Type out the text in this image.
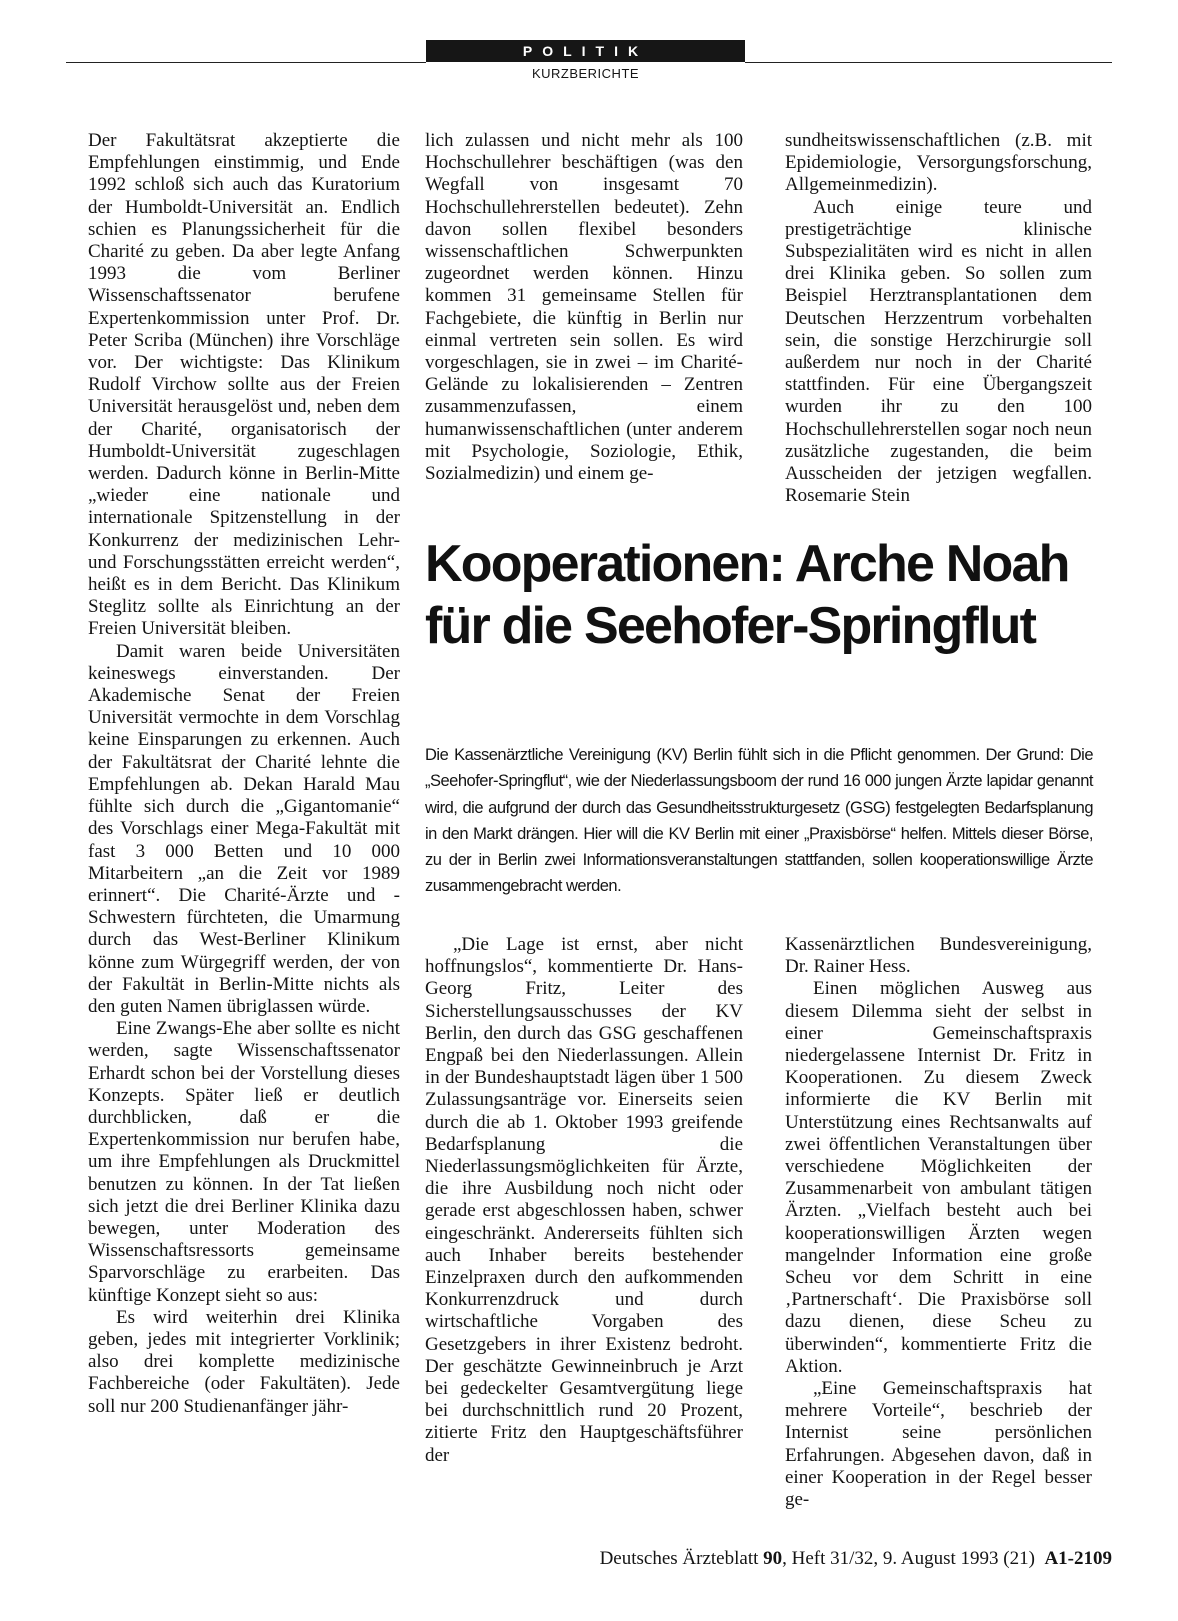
POLITIK
KURZBERICHTE

Der Fakultätsrat akzeptierte die Empfehlungen einstimmig, und Ende 1992 schloß sich auch das Kuratorium der Humboldt-Universität an. Endlich schien es Planungssicherheit für die Charité zu geben. Da aber legte Anfang 1993 die vom Berliner Wissenschaftssenator berufene Expertenkommission unter Prof. Dr. Peter Scriba (München) ihre Vorschläge vor. Der wichtigste: Das Klinikum Rudolf Virchow sollte aus der Freien Universität herausgelöst und, neben dem der Charité, organisatorisch der Humboldt-Universität zugeschlagen werden. Dadurch könne in Berlin-Mitte „wieder eine nationale und internationale Spitzenstellung in der Konkurrenz der medizinischen Lehr- und Forschungsstätten erreicht werden“, heißt es in dem Bericht. Das Klinikum Steglitz sollte als Einrichtung an der Freien Universität bleiben.

Damit waren beide Universitäten keineswegs einverstanden. Der Akademische Senat der Freien Universität vermochte in dem Vorschlag keine Einsparungen zu erkennen. Auch der Fakultätsrat der Charité lehnte die Empfehlungen ab. Dekan Harald Mau fühlte sich durch die „Gigantomanie“ des Vorschlags einer Mega-Fakultät mit fast 3 000 Betten und 10 000 Mitarbeitern „an die Zeit vor 1989 erinnert“. Die Charité-Ärzte und -Schwestern fürchteten, die Umarmung durch das West-Berliner Klinikum könne zum Würgegriff werden, der von der Fakultät in Berlin-Mitte nichts als den guten Namen übriglassen würde.

Eine Zwangs-Ehe aber sollte es nicht werden, sagte Wissenschaftssenator Erhardt schon bei der Vorstellung dieses Konzepts. Später ließ er deutlich durchblicken, daß er die Expertenkommission nur berufen habe, um ihre Empfehlungen als Druckmittel benutzen zu können. In der Tat ließen sich jetzt die drei Berliner Klinika dazu bewegen, unter Moderation des Wissenschaftsressorts gemeinsame Sparvorschläge zu erarbeiten. Das künftige Konzept sieht so aus:

Es wird weiterhin drei Klinika geben, jedes mit integrierter Vorklinik; also drei komplette medizinische Fachbereiche (oder Fakultäten). Jede soll nur 200 Studienanfänger jähr-

lich zulassen und nicht mehr als 100 Hochschullehrer beschäftigen (was den Wegfall von insgesamt 70 Hochschullehrerstellen bedeutet). Zehn davon sollen flexibel besonders wissenschaftlichen Schwerpunkten zugeordnet werden können. Hinzu kommen 31 gemeinsame Stellen für Fachgebiete, die künftig in Berlin nur einmal vertreten sein sollen. Es wird vorgeschlagen, sie in zwei – im Charité-Gelände zu lokalisierenden – Zentren zusammenzufassen, einem humanwissenschaftlichen (unter anderem mit Psychologie, Soziologie, Ethik, Sozialmedizin) und einem ge-

sundheitswissenschaftlichen (z.B. mit Epidemiologie, Versorgungsforschung, Allgemeinmedizin).

Auch einige teure und prestigeträchtige klinische Subspezialitäten wird es nicht in allen drei Klinika geben. So sollen zum Beispiel Herztransplantationen dem Deutschen Herzzentrum vorbehalten sein, die sonstige Herzchirurgie soll außerdem nur noch in der Charité stattfinden. Für eine Übergangszeit wurden ihr zu den 100 Hochschullehrerstellen sogar noch neun zusätzliche zugestanden, die beim Ausscheiden der jetzigen wegfallen. Rosemarie Stein

Kooperationen: Arche Noah für die Seehofer-Springflut

Die Kassenärztliche Vereinigung (KV) Berlin fühlt sich in die Pflicht genommen. Der Grund: Die „Seehofer-Springflut“, wie der Niederlassungsboom der rund 16 000 jungen Ärzte lapidar genannt wird, die aufgrund der durch das Gesundheitsstrukturgesetz (GSG) festgelegten Bedarfsplanung in den Markt drängen. Hier will die KV Berlin mit einer „Praxisbörse“ helfen. Mittels dieser Börse, zu der in Berlin zwei Informationsveranstaltungen stattfanden, sollen kooperationswillige Ärzte zusammengebracht werden.

„Die Lage ist ernst, aber nicht hoffnungslos“, kommentierte Dr. Hans-Georg Fritz, Leiter des Sicherstellungsausschusses der KV Berlin, den durch das GSG geschaffenen Engpaß bei den Niederlassungen. Allein in der Bundeshauptstadt lägen über 1 500 Zulassungsanträge vor. Einerseits seien durch die ab 1. Oktober 1993 greifende Bedarfsplanung die Niederlassungsmöglichkeiten für Ärzte, die ihre Ausbildung noch nicht oder gerade erst abgeschlossen haben, schwer eingeschränkt. Andererseits fühlten sich auch Inhaber bereits bestehender Einzelpraxen durch den aufkommenden Konkurrenzdruck und durch wirtschaftliche Vorgaben des Gesetzgebers in ihrer Existenz bedroht. Der geschätzte Gewinneinbruch je Arzt bei gedeckelter Gesamtvergütung liege bei durchschnittlich rund 20 Prozent, zitierte Fritz den Hauptgeschäftsführer der

Kassenärztlichen Bundesvereinigung, Dr. Rainer Hess.

Einen möglichen Ausweg aus diesem Dilemma sieht der selbst in einer Gemeinschaftspraxis niedergelassene Internist Dr. Fritz in Kooperationen. Zu diesem Zweck informierte die KV Berlin mit Unterstützung eines Rechtsanwalts auf zwei öffentlichen Veranstaltungen über verschiedene Möglichkeiten der Zusammenarbeit von ambulant tätigen Ärzten. „Vielfach besteht auch bei kooperationswilligen Ärzten wegen mangelnder Information eine große Scheu vor dem Schritt in eine ‚Partnerschaft‘. Die Praxisbörse soll dazu dienen, diese Scheu zu überwinden“, kommentierte Fritz die Aktion.

„Eine Gemeinschaftspraxis hat mehrere Vorteile“, beschrieb der Internist seine persönlichen Erfahrungen. Abgesehen davon, daß in einer Kooperation in der Regel besser ge-

Deutsches Ärzteblatt 90, Heft 31/32, 9. August 1993 (21) A1-2109
